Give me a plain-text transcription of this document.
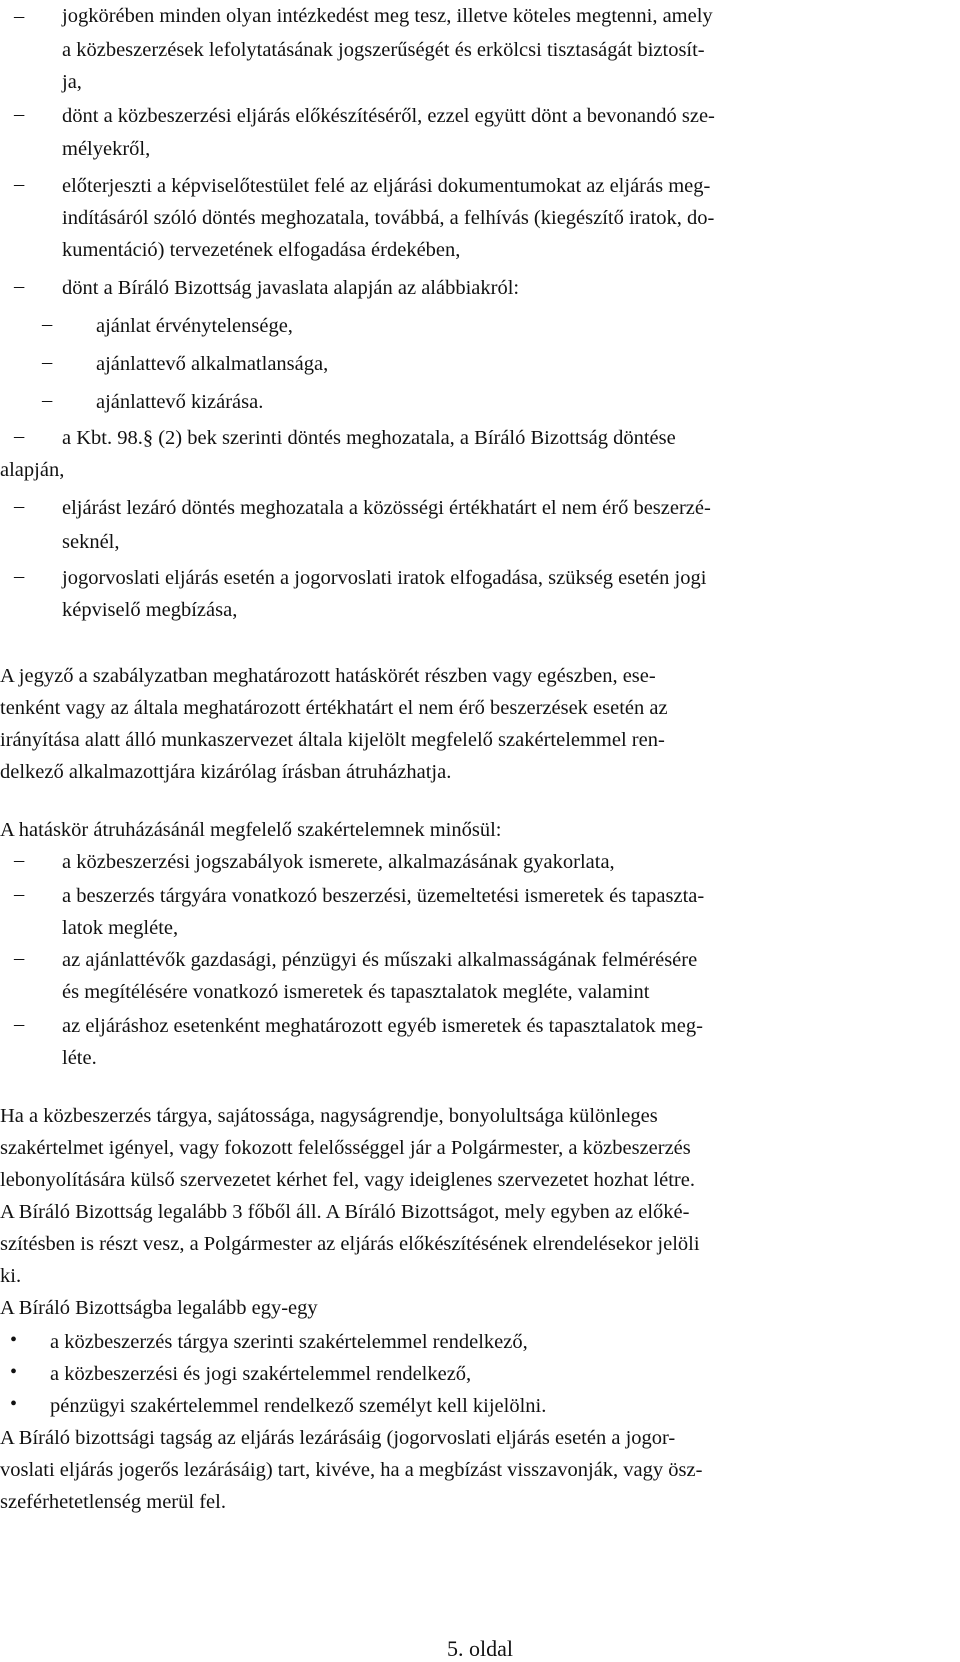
– jogkörében minden olyan intézkedést meg tesz, illetve köteles megtenni, amely
a közbeszerzések lefolytatásának jogszerűségét és erkölcsi tisztaságát biztosít-
ja,
– dönt a közbeszerzési eljárás előkészítéséről, ezzel együtt dönt a bevonandó sze-
mélyekről,
– előterjeszti a képviselőtestület felé az eljárási dokumentumokat az eljárás meg-
indításáról szóló döntés meghozatala, továbbá, a felhívás (kiegészítő iratok, do-
kumentáció) tervezetének elfogadása érdekében,
– dönt a Bíráló Bizottság javaslata alapján az alábbiakról:
– ajánlat érvénytelensége,
– ajánlattevő alkalmatlansága,
– ajánlattevő kizárása.
– a Kbt. 98.§ (2) bek szerinti döntés meghozatala, a Bíráló Bizottság döntése
alapján,
– eljárást lezáró döntés meghozatala a közösségi értékhatárt el nem érő beszerzé-
seknél,
– jogorvoslati eljárás esetén a jogorvoslati iratok elfogadása, szükség esetén jogi
képviselő megbízása,
A jegyző a szabályzatban meghatározott hatáskörét részben vagy egészben, ese-
tenként vagy az általa meghatározott értékhatárt el nem érő beszerzések esetén az
irányítása alatt álló munkaszervezet általa kijelölt megfelelő szakértelemmel ren-
delkező alkalmazottjára kizárólag írásban átruházhatja.
A hatáskör átruházásánál megfelelő szakértelemnek minősül:
– a közbeszerzési jogszabályok ismerete, alkalmazásának gyakorlata,
– a beszerzés tárgyára vonatkozó beszerzési, üzemeltetési ismeretek és tapaszta-
latok megléte,
– az ajánlattévők gazdasági, pénzügyi és műszaki alkalmasságának felmérésére
és megítélésére vonatkozó ismeretek és tapasztalatok megléte, valamint
– az eljáráshoz esetenként meghatározott egyéb ismeretek és tapasztalatok meg-
léte.
Ha a közbeszerzés tárgya, sajátossága, nagyságrendje, bonyolultsága különleges
szakértelmet igényel, vagy fokozott felelősséggel jár a Polgármester, a közbeszerzés
lebonyolítására külső szervezetet kérhet fel, vagy ideiglenes szervezetet hozhat létre.
A Bíráló Bizottság legalább 3 főből áll. A Bíráló Bizottságot, mely egyben az előké-
szítésben is részt vesz, a Polgármester az eljárás előkészítésének elrendelésekor jelöli
ki.
A Bíráló Bizottságba legalább egy-egy
• a közbeszerzés tárgya szerinti szakértelemmel rendelkező,
• a közbeszerzési és jogi szakértelemmel rendelkező,
• pénzügyi szakértelemmel rendelkező személyt kell kijelölni.
A Bíráló bizottsági tagság az eljárás lezárásáig (jogorvoslati eljárás esetén a jogor-
voslati eljárás jogerős lezárásáig) tart, kivéve, ha a megbízást visszavonják, vagy ösz-
szeférhetetlenség merül fel.
5. oldal
